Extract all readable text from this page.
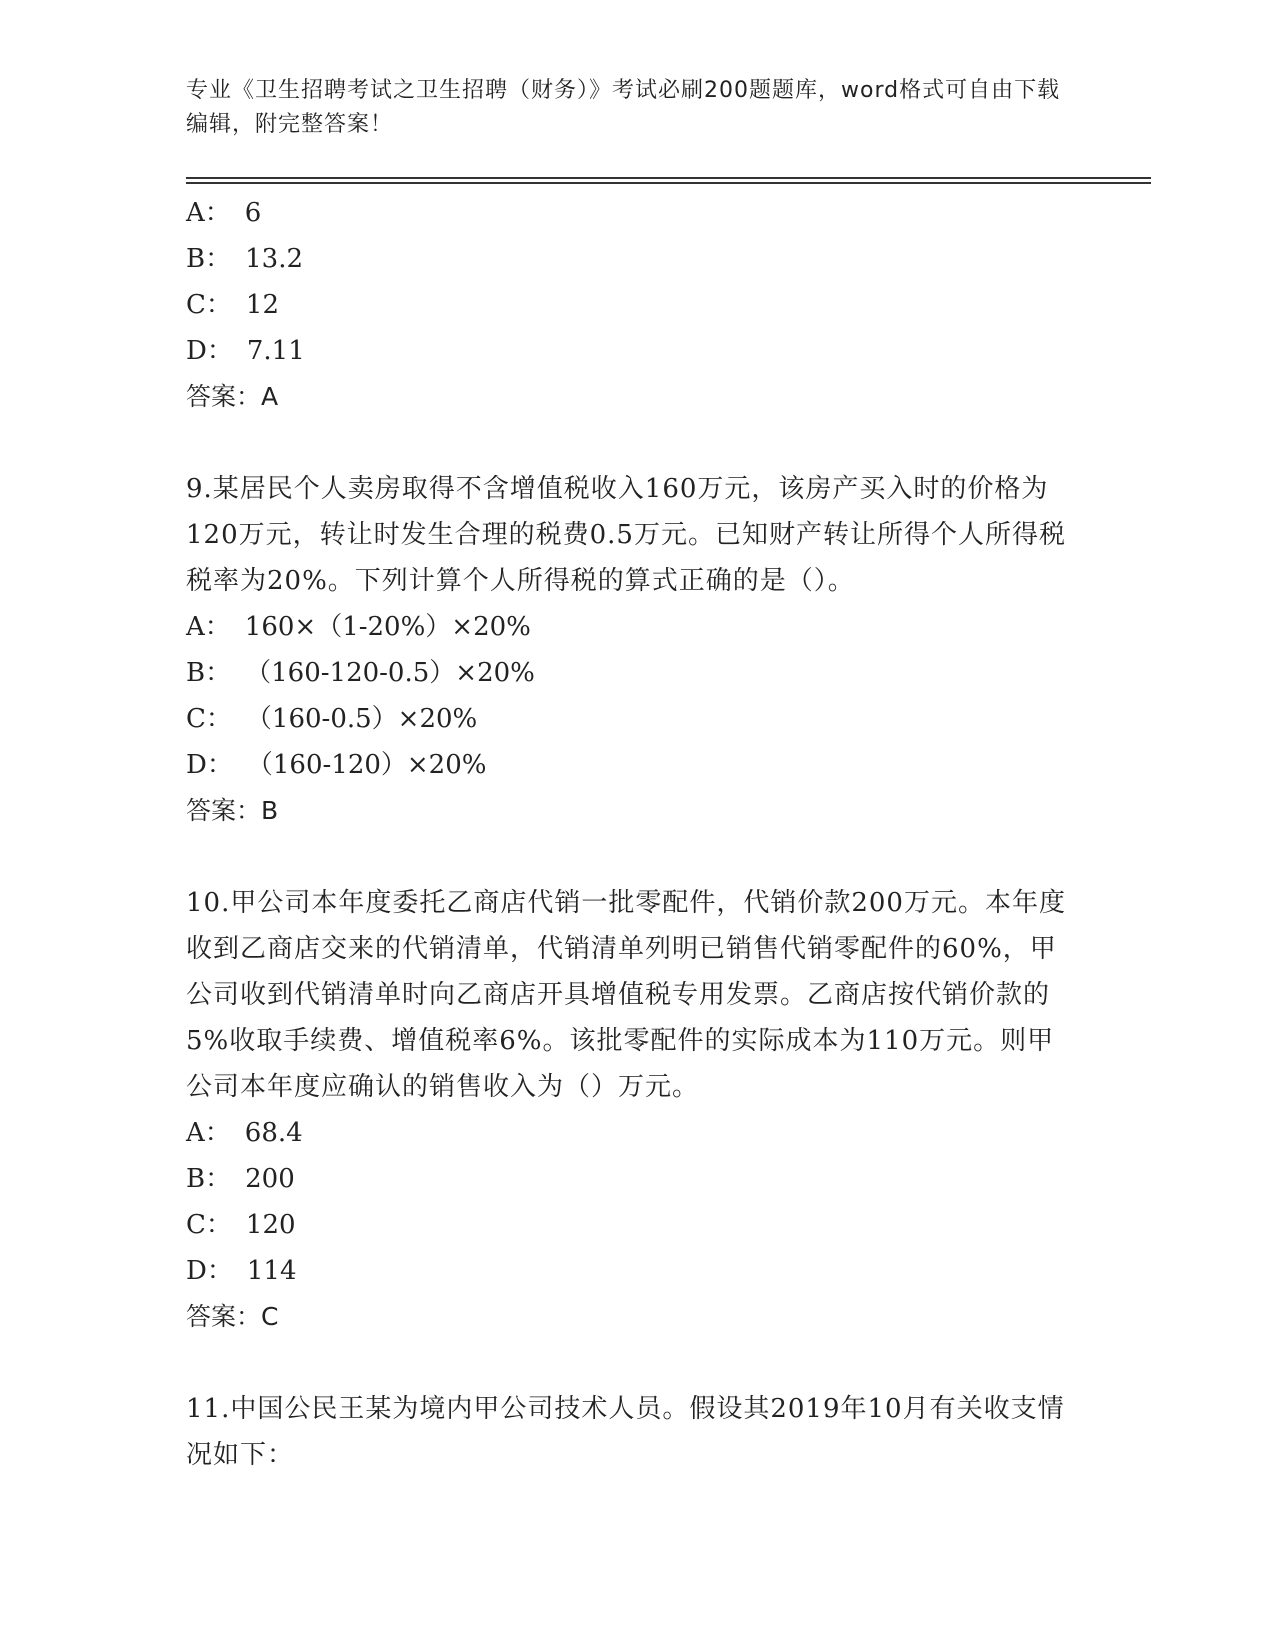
专业《卫生招聘考试之卫生招聘（财务）》考试必刷200题题库，word格式可自由下载编辑，附完整答案！
A： 6
B： 13.2
C： 12
D： 7.11
答案：A
9.某居民个人卖房取得不含增值税收入160万元，该房产买入时的价格为120万元，转让时发生合理的税费0.5万元。已知财产转让所得个人所得税税率为20%。下列计算个人所得税的算式正确的是（）。
A： 160×（1-20%）×20%
B： （160-120-0.5）×20%
C： （160-0.5）×20%
D： （160-120）×20%
答案：B
10.甲公司本年度委托乙商店代销一批零配件，代销价款200万元。本年度收到乙商店交来的代销清单，代销清单列明已销售代销零配件的60%，甲公司收到代销清单时向乙商店开具增值税专用发票。乙商店按代销价款的5%收取手续费、增值税率6%。该批零配件的实际成本为110万元。则甲公司本年度应确认的销售收入为（）万元。
A： 68.4
B： 200
C： 120
D： 114
答案：C
11.中国公民王某为境内甲公司技术人员。假设其2019年10月有关收支情况如下：
